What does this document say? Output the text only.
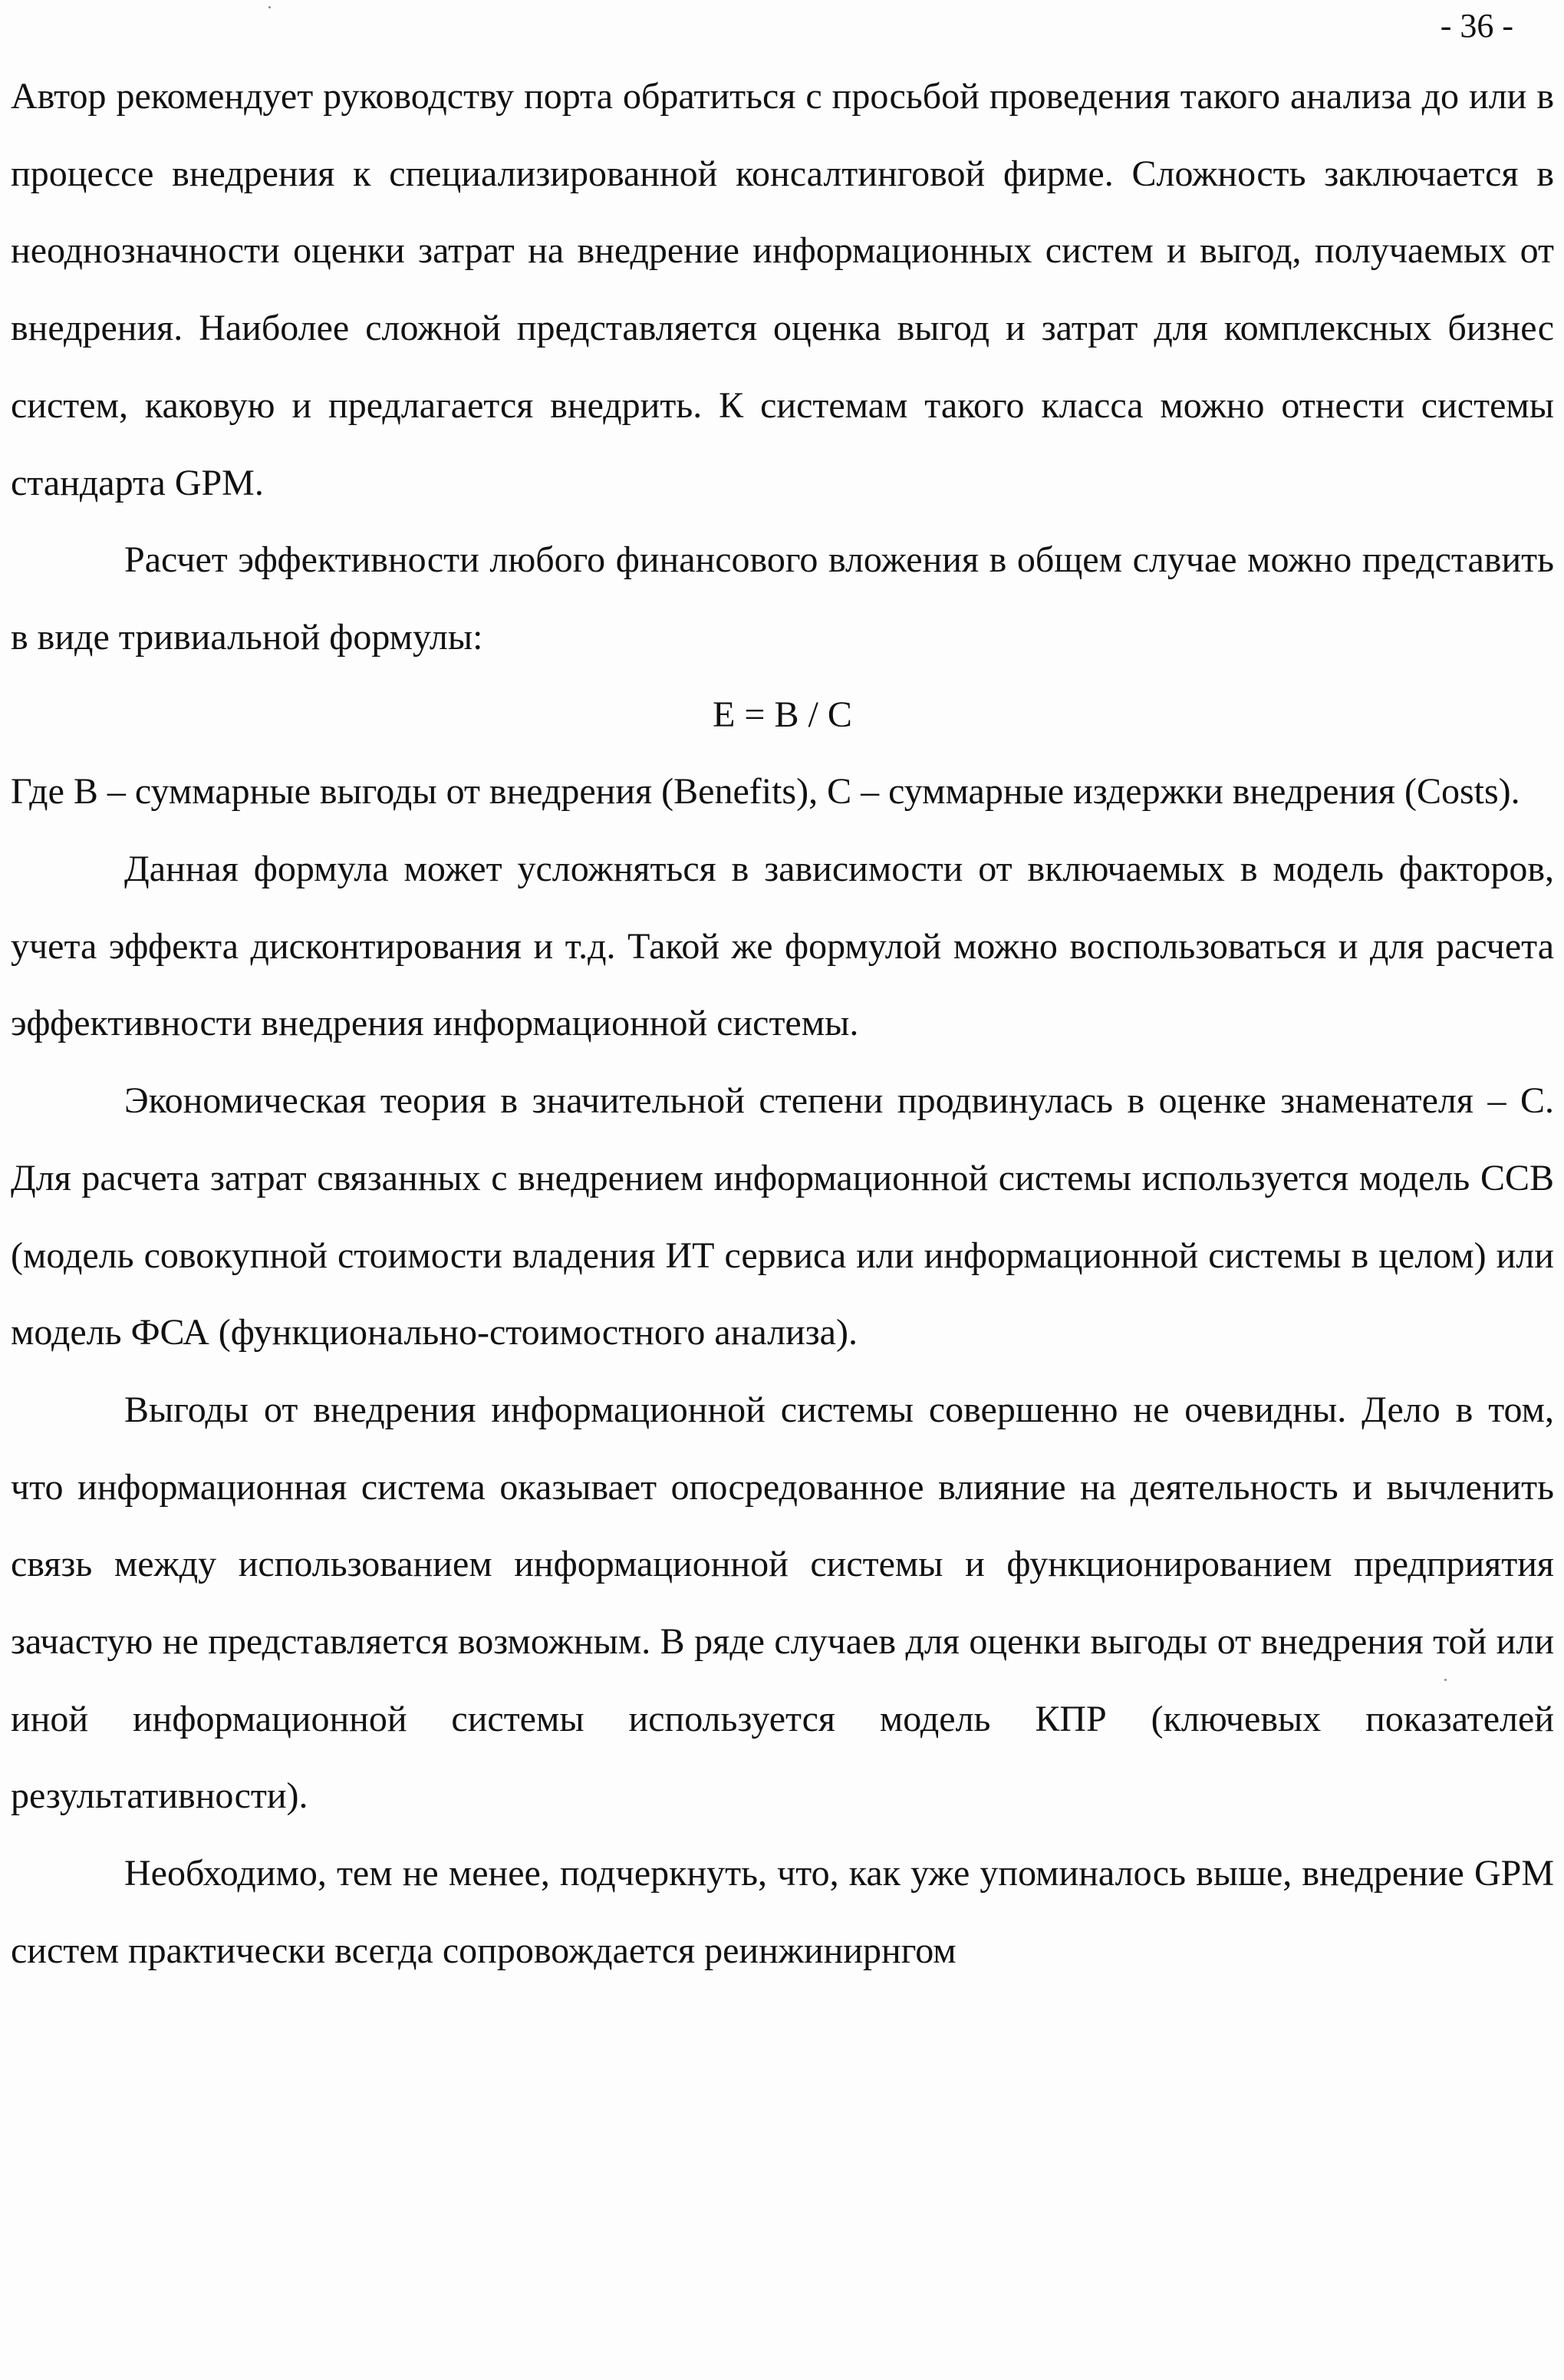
- 36 -

Автор рекомендует руководству порта обратиться с просьбой проведения такого анализа до или в процессе внедрения к специализированной консалтинговой фирме. Сложность заключается в неоднозначности оценки затрат на внедрение информационных систем и выгод, получаемых от внедрения. Наиболее сложной представляется оценка выгод и затрат для комплексных бизнес систем, каковую и предлагается внедрить. К системам такого класса можно отнести системы стандарта GPM.

Расчет эффективности любого финансового вложения в общем случае можно представить в виде тривиальной формулы:

E = B / C

Где B – суммарные выгоды от внедрения (Benefits), C – суммарные издержки внедрения (Costs).

Данная формула может усложняться в зависимости от включаемых в модель факторов, учета эффекта дисконтирования и т.д. Такой же формулой можно воспользоваться и для расчета эффективности внедрения информационной системы.

Экономическая теория в значительной степени продвинулась в оценке знаменателя – C. Для расчета затрат связанных с внедрением информационной системы используется модель ССВ (модель совокупной стоимости владения ИТ сервиса или информационной системы в целом) или модель ФСА (функционально-стоимостного анализа).

Выгоды от внедрения информационной системы совершенно не очевидны. Дело в том, что информационная система оказывает опосредованное влияние на деятельность и вычленить связь между использованием информационной системы и функционированием предприятия зачастую не представляется возможным. В ряде случаев для оценки выгоды от внедрения той или иной информационной системы используется модель КПР (ключевых показателей результативности).

Необходимо, тем не менее, подчеркнуть, что, как уже упоминалось выше, внедрение GPM систем практически всегда сопровождается реинжинирнгом
